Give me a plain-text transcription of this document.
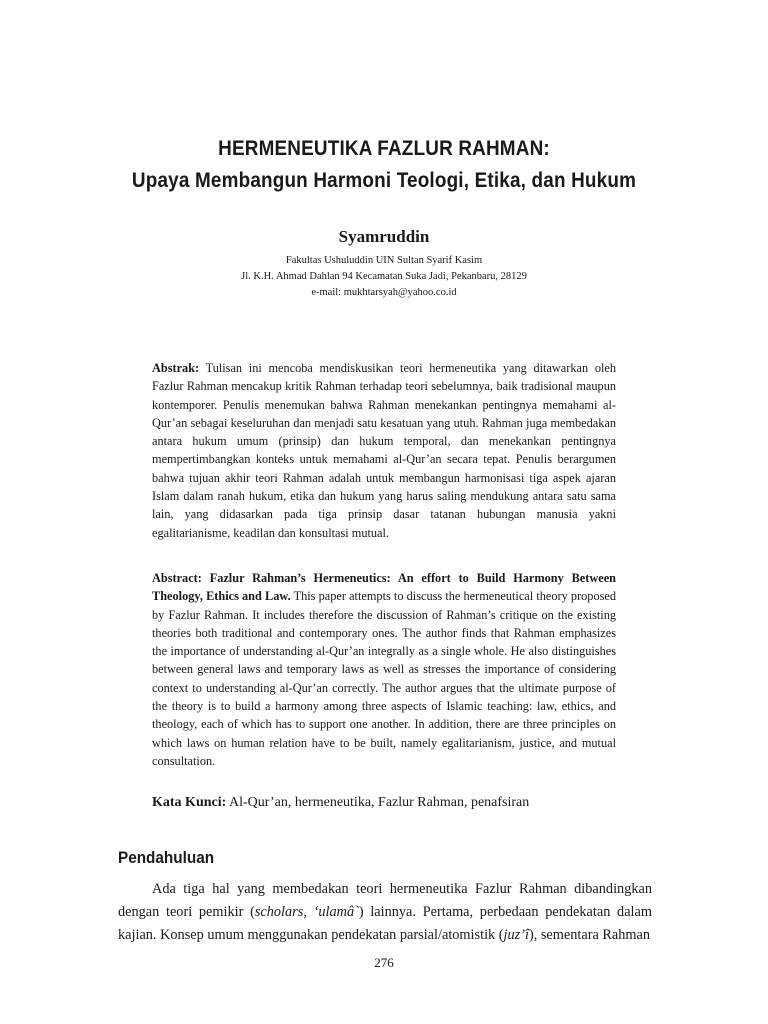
HERMENEUTIKA FAZLUR RAHMAN:
Upaya Membangun Harmoni Teologi, Etika, dan Hukum
Syamruddin
Fakultas Ushuluddin UIN Sultan Syarif Kasim
Jl. K.H. Ahmad Dahlan 94 Kecamatan Suka Jadi, Pekanbaru, 28129
e-mail: mukhtarsyah@yahoo.co.id
Abstrak: Tulisan ini mencoba mendiskusikan teori hermeneutika yang ditawarkan oleh Fazlur Rahman mencakup kritik Rahman terhadap teori sebelumnya, baik tradisional maupun kontemporer. Penulis menemukan bahwa Rahman menekankan pentingnya memahami al-Qur’an sebagai keseluruhan dan menjadi satu kesatuan yang utuh. Rahman juga membedakan antara hukum umum (prinsip) dan hukum temporal, dan menekankan pentingnya mempertimbangkan konteks untuk memahami al-Qur’an secara tepat. Penulis berargumen bahwa tujuan akhir teori Rahman adalah untuk membangun harmonisasi tiga aspek ajaran Islam dalam ranah hukum, etika dan hukum yang harus saling mendukung antara satu sama lain, yang didasarkan pada tiga prinsip dasar tatanan hubungan manusia yakni egalitarianisme, keadilan dan konsultasi mutual.
Abstract: Fazlur Rahman’s Hermeneutics: An effort to Build Harmony Between Theology, Ethics and Law. This paper attempts to discuss the hermeneutical theory proposed by Fazlur Rahman. It includes therefore the discussion of Rahman’s critique on the existing theories both traditional and contemporary ones. The author finds that Rahman emphasizes the importance of understanding al-Qur’an integrally as a single whole. He also distinguishes between general laws and temporary laws as well as stresses the importance of considering context to understanding al-Qur’an correctly. The author argues that the ultimate purpose of the theory is to build a harmony among three aspects of Islamic teaching: law, ethics, and theology, each of which has to support one another. In addition, there are three principles on which laws on human relation have to be built, namely egalitarianism, justice, and mutual consultation.
Kata Kunci: Al-Qur’an, hermeneutika, Fazlur Rahman, penafsiran
Pendahuluan
Ada tiga hal yang membedakan teori hermeneutika Fazlur Rahman dibandingkan dengan teori pemikir (scholars, ‘ulamâ`) lainnya. Pertama, perbedaan pendekatan dalam kajian. Konsep umum menggunakan pendekatan parsial/atomistik (juz’î), sementara Rahman
276
